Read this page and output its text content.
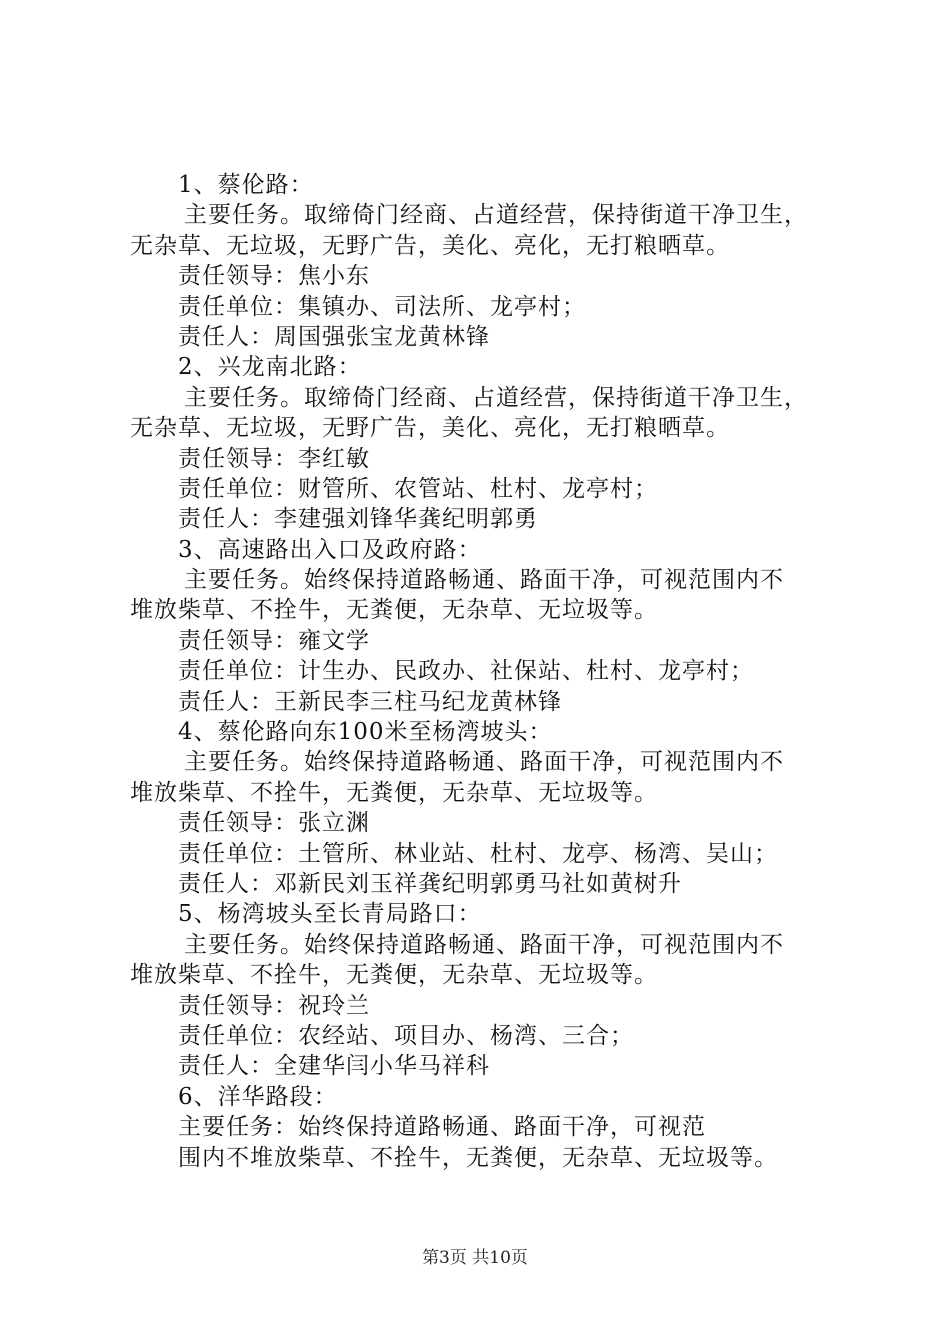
1、蔡伦路：
主要任务。取缔倚门经商、占道经营，保持街道干净卫生，
无杂草、无垃圾，无野广告，美化、亮化，无打粮晒草。
责任领导：焦小东
责任单位：集镇办、司法所、龙亭村；
责任人：周国强张宝龙黄林锋
2、兴龙南北路：
主要任务。取缔倚门经商、占道经营，保持街道干净卫生，
无杂草、无垃圾，无野广告，美化、亮化，无打粮晒草。
责任领导：李红敏
责任单位：财管所、农管站、杜村、龙亭村；
责任人：李建强刘锋华龚纪明郭勇
3、高速路出入口及政府路：
主要任务。始终保持道路畅通、路面干净，可视范围内不
堆放柴草、不拴牛，无粪便，无杂草、无垃圾等。
责任领导：雍文学
责任单位：计生办、民政办、社保站、杜村、龙亭村；
责任人：王新民李三柱马纪龙黄林锋
4、蔡伦路向东100米至杨湾坡头：
主要任务。始终保持道路畅通、路面干净，可视范围内不
堆放柴草、不拴牛，无粪便，无杂草、无垃圾等。
责任领导：张立渊
责任单位：土管所、林业站、杜村、龙亭、杨湾、吴山；
责任人：邓新民刘玉祥龚纪明郭勇马社如黄树升
5、杨湾坡头至长青局路口：
主要任务。始终保持道路畅通、路面干净，可视范围内不
堆放柴草、不拴牛，无粪便，无杂草、无垃圾等。
责任领导：祝玲兰
责任单位：农经站、项目办、杨湾、三合；
责任人：全建华闫小华马祥科
6、洋华路段：
主要任务：始终保持道路畅通、路面干净，可视范
围内不堆放柴草、不拴牛，无粪便，无杂草、无垃圾等。
第3页 共10页
